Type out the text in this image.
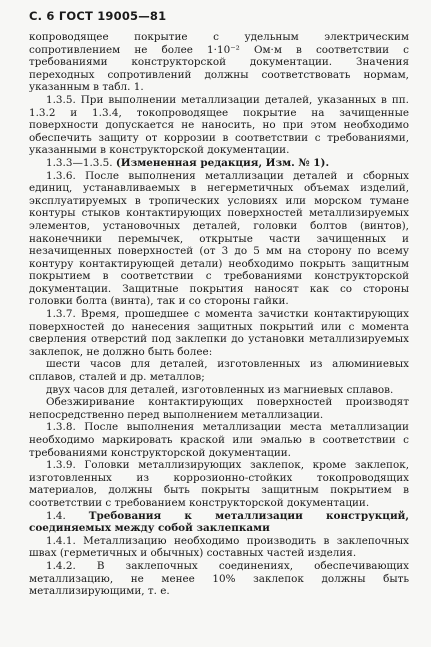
С. 6 ГОСТ 19005—81

копроводящее покрытие с удельным электрическим сопротивлением не более 1·10⁻² Ом·м в соответствии с требованиями конструкторской документации. Значения переходных сопротивлений должны соответствовать нормам, указанным в табл. 1.

1.3.5. При выполнении металлизации деталей, указанных в пп. 1.3.2 и 1.3.4, токопроводящее покрытие на зачищенные поверхности допускается не наносить, но при этом необходимо обеспечить защиту от коррозии в соответствии с требованиями, указанными в конструкторской документации.

1.3.3—1.3.5. (Измененная редакция, Изм. № 1).

1.3.6. После выполнения металлизации деталей и сборных единиц, устанавливаемых в негерметичных объемах изделий, эксплуатируемых в тропических условиях или морском тумане контуры стыков контактирующих поверхностей металлизируемых элементов, установочных деталей, головки болтов (винтов), наконечники перемычек, открытые части зачищенных и незачищенных поверхностей (от 3 до 5 мм на сторону по всему контуру контактирующей детали) необходимо покрыть защитным покрытием в соответствии с требованиями конструкторской документации. Защитные покрытия наносят как со стороны головки болта (винта), так и со стороны гайки.

1.3.7. Время, прошедшее с момента зачистки контактирующих поверхностей до нанесения защитных покрытий или с момента сверления отверстий под заклепки до установки металлизируемых заклепок, не должно быть более:

шести часов для деталей, изготовленных из алюминиевых сплавов, сталей и др. металлов;

двух часов для деталей, изготовленных из магниевых сплавов.

Обезжиривание контактирующих поверхностей производят непосредственно перед выполнением металлизации.

1.3.8. После выполнения металлизации места металлизации необходимо маркировать краской или эмалью в соответствии с требованиями конструкторской документации.

1.3.9. Головки металлизирующих заклепок, кроме заклепок, изготовленных из коррозионно-стойких токопроводящих материалов, должны быть покрыты защитным покрытием в соответствии с требованием конструкторской документации.

1.4. Требования к металлизации конструкций, соединяемых между собой заклепками

1.4.1. Металлизацию необходимо производить в заклепочных швах (герметичных и обычных) составных частей изделия.

1.4.2. В заклепочных соединениях, обеспечивающих металлизацию, не менее 10% заклепок должны быть металлизирующими, т. е.
